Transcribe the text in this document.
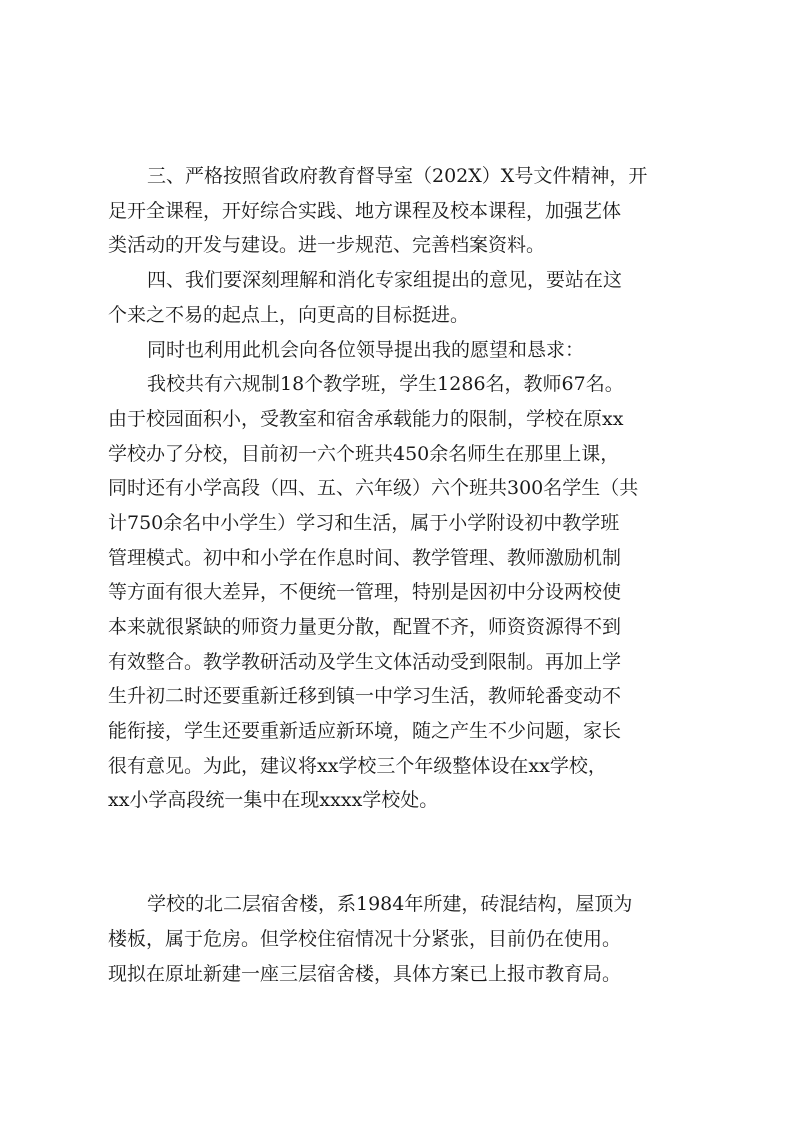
三、严格按照省政府教育督导室（202X）X号文件精神，开
足开全课程，开好综合实践、地方课程及校本课程，加强艺体
类活动的开发与建设。进一步规范、完善档案资料。
四、我们要深刻理解和消化专家组提出的意见，要站在这
个来之不易的起点上，向更高的目标挺进。
同时也利用此机会向各位领导提出我的愿望和恳求：
我校共有六规制18个教学班，学生1286名，教师67名。
由于校园面积小，受教室和宿舍承载能力的限制，学校在原xx
学校办了分校，目前初一六个班共450余名师生在那里上课，
同时还有小学高段（四、五、六年级）六个班共300名学生（共
计750余名中小学生）学习和生活，属于小学附设初中教学班
管理模式。初中和小学在作息时间、教学管理、教师激励机制
等方面有很大差异，不便统一管理，特别是因初中分设两校使
本来就很紧缺的师资力量更分散，配置不齐，师资资源得不到
有效整合。教学教研活动及学生文体活动受到限制。再加上学
生升初二时还要重新迁移到镇一中学习生活，教师轮番变动不
能衔接，学生还要重新适应新环境，随之产生不少问题，家长
很有意见。为此，建议将xx学校三个年级整体设在xx学校，
xx小学高段统一集中在现xxxx学校处。
学校的北二层宿舍楼，系1984年所建，砖混结构，屋顶为
楼板，属于危房。但学校住宿情况十分紧张，目前仍在使用。
现拟在原址新建一座三层宿舍楼，具体方案已上报市教育局。
